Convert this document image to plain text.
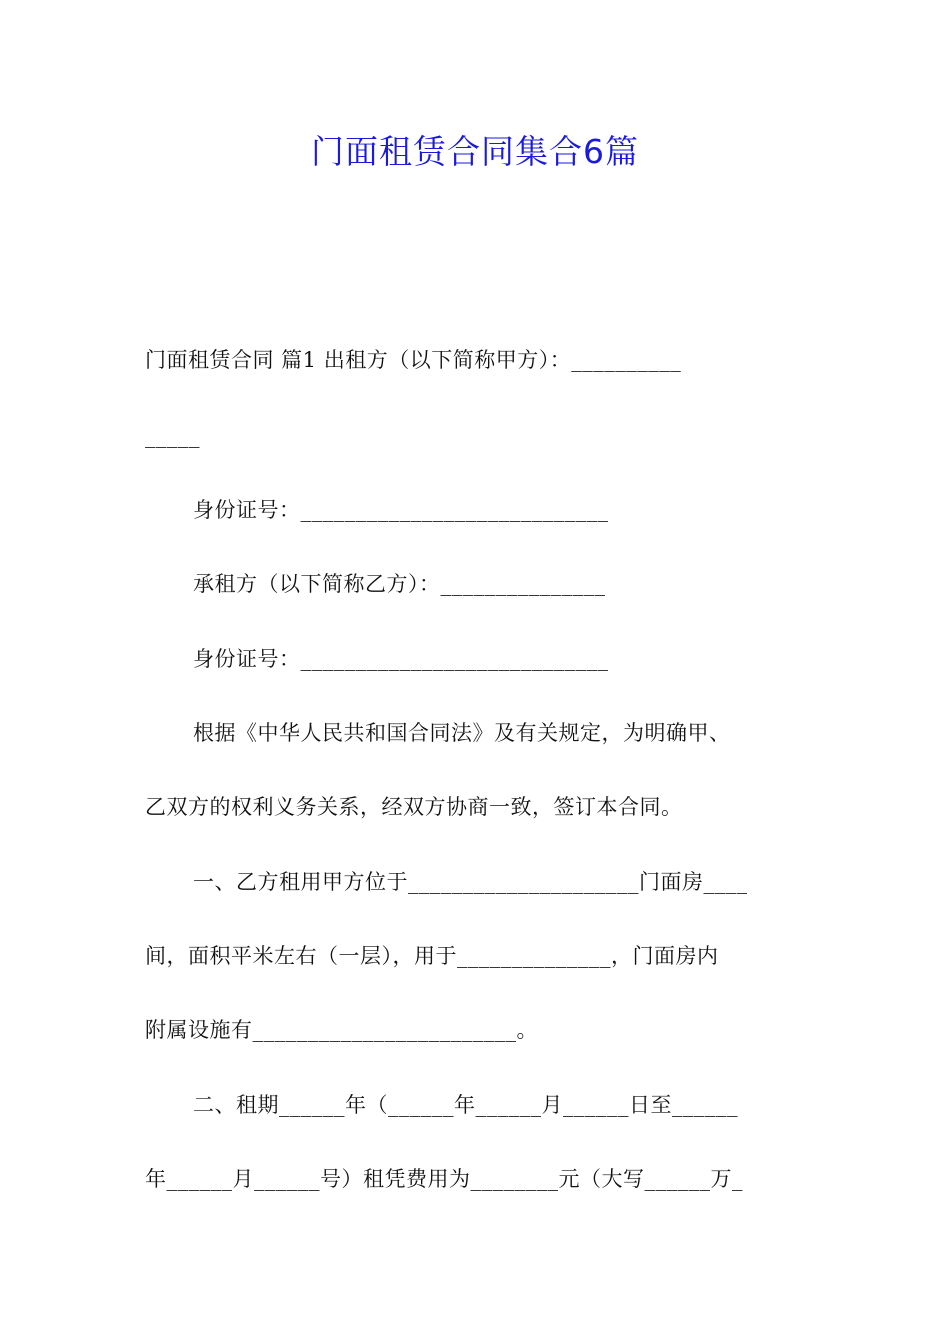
门面租赁合同集合6篇
门面租赁合同 篇1 出租方（以下简称甲方）：__________
_____
身份证号：____________________________
承租方（以下简称乙方）：_______________
身份证号：____________________________
根据《中华人民共和国合同法》及有关规定，为明确甲、
乙双方的权利义务关系，经双方协商一致，签订本合同。
一、乙方租用甲方位于_____________________门面房____
间，面积平米左右（一层），用于______________，门面房内
附属设施有________________________。
二、租期______年（______年______月______日至______
年______月______号）租凭费用为________元（大写______万_
